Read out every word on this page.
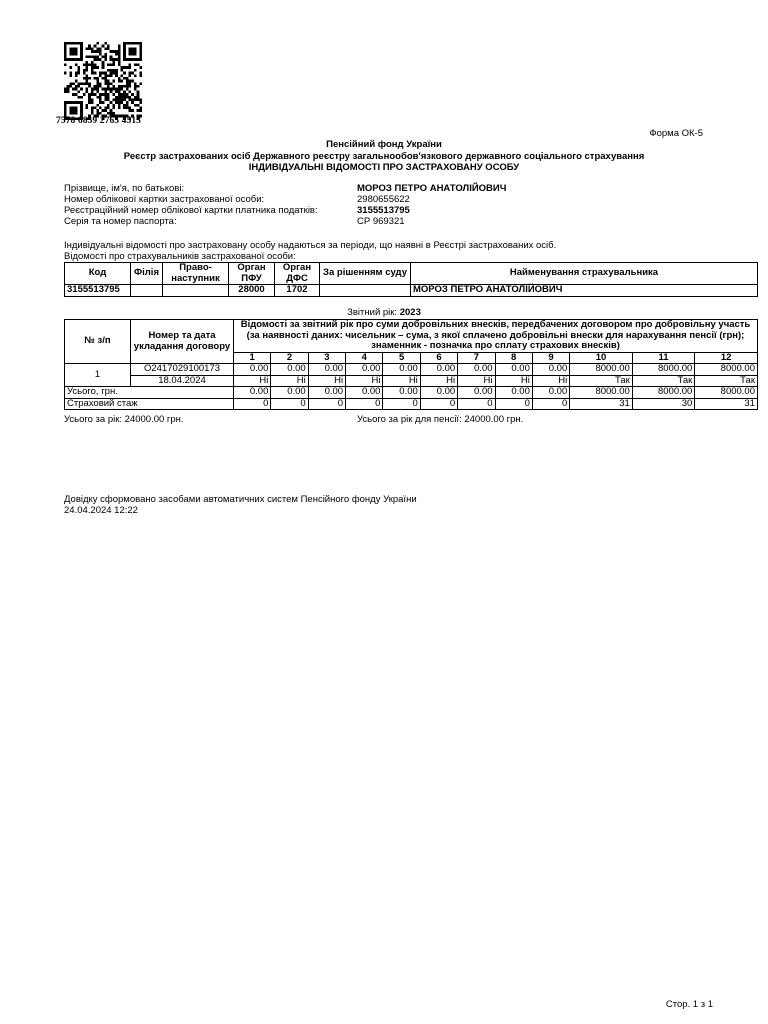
7578 6859 2765 4513
Форма ОК-5
Пенсійний фонд України
Реєстр застрахованих осіб Державного реєстру загальнообов'язкового державного соціального страхування
ІНДИВІДУАЛЬНІ ВІДОМОСТІ ПРО ЗАСТРАХОВАНУ ОСОБУ
Прізвище, ім'я, по батькові:	МОРОЗ ПЕТРО АНАТОЛІЙОВИЧ
Номер облікової картки застрахованої особи:	2980655622
Реєстраційний номер облікової картки платника податків:	3155513795
Серія та номер паспорта:	СР 969321
Індивідуальні відомості про застраховану особу надаються за періоди, що наявні в Реєстрі застрахованих осіб.
Відомості про страхувальників застрахованої особи:
Код	Філія	Право-наступник	Орган ПФУ	Орган ДФС	За рішенням суду	Найменування страхувальника
3155513795			28000	1702		МОРОЗ ПЕТРО АНАТОЛІЙОВИЧ
Звітний рік: 2023
№ з/п	Номер та дата укладання договору	Відомості за звітний рік про суми добровільних внесків, передбачених договором про добровільну участь (за наявності даних: чисельник – сума, з якої сплачено добровільні внески для нарахування пенсії (грн); знаменник - позначка про сплату страхових внесків)											
		1	2	3	4	5	6	7	8	9	10	11	12
1	О2417029100173	0.00	0.00	0.00	0.00	0.00	0.00	0.00	0.00	0.00	8000.00	8000.00	8000.00
	18.04.2024	Ні	Ні	Ні	Ні	Ні	Ні	Ні	Ні	Ні	Так	Так	Так
Усього, грн.		0.00	0.00	0.00	0.00	0.00	0.00	0.00	0.00	0.00	8000.00	8000.00	8000.00
Страховий стаж		0	0	0	0	0	0	0	0	0	31	30	31
Усього за рік: 24000.00 грн.	Усього за рік для пенсії: 24000.00 грн.
Довідку сформовано засобами автоматичних систем Пенсійного фонду України
24.04.2024 12:22
Стор. 1 з 1
